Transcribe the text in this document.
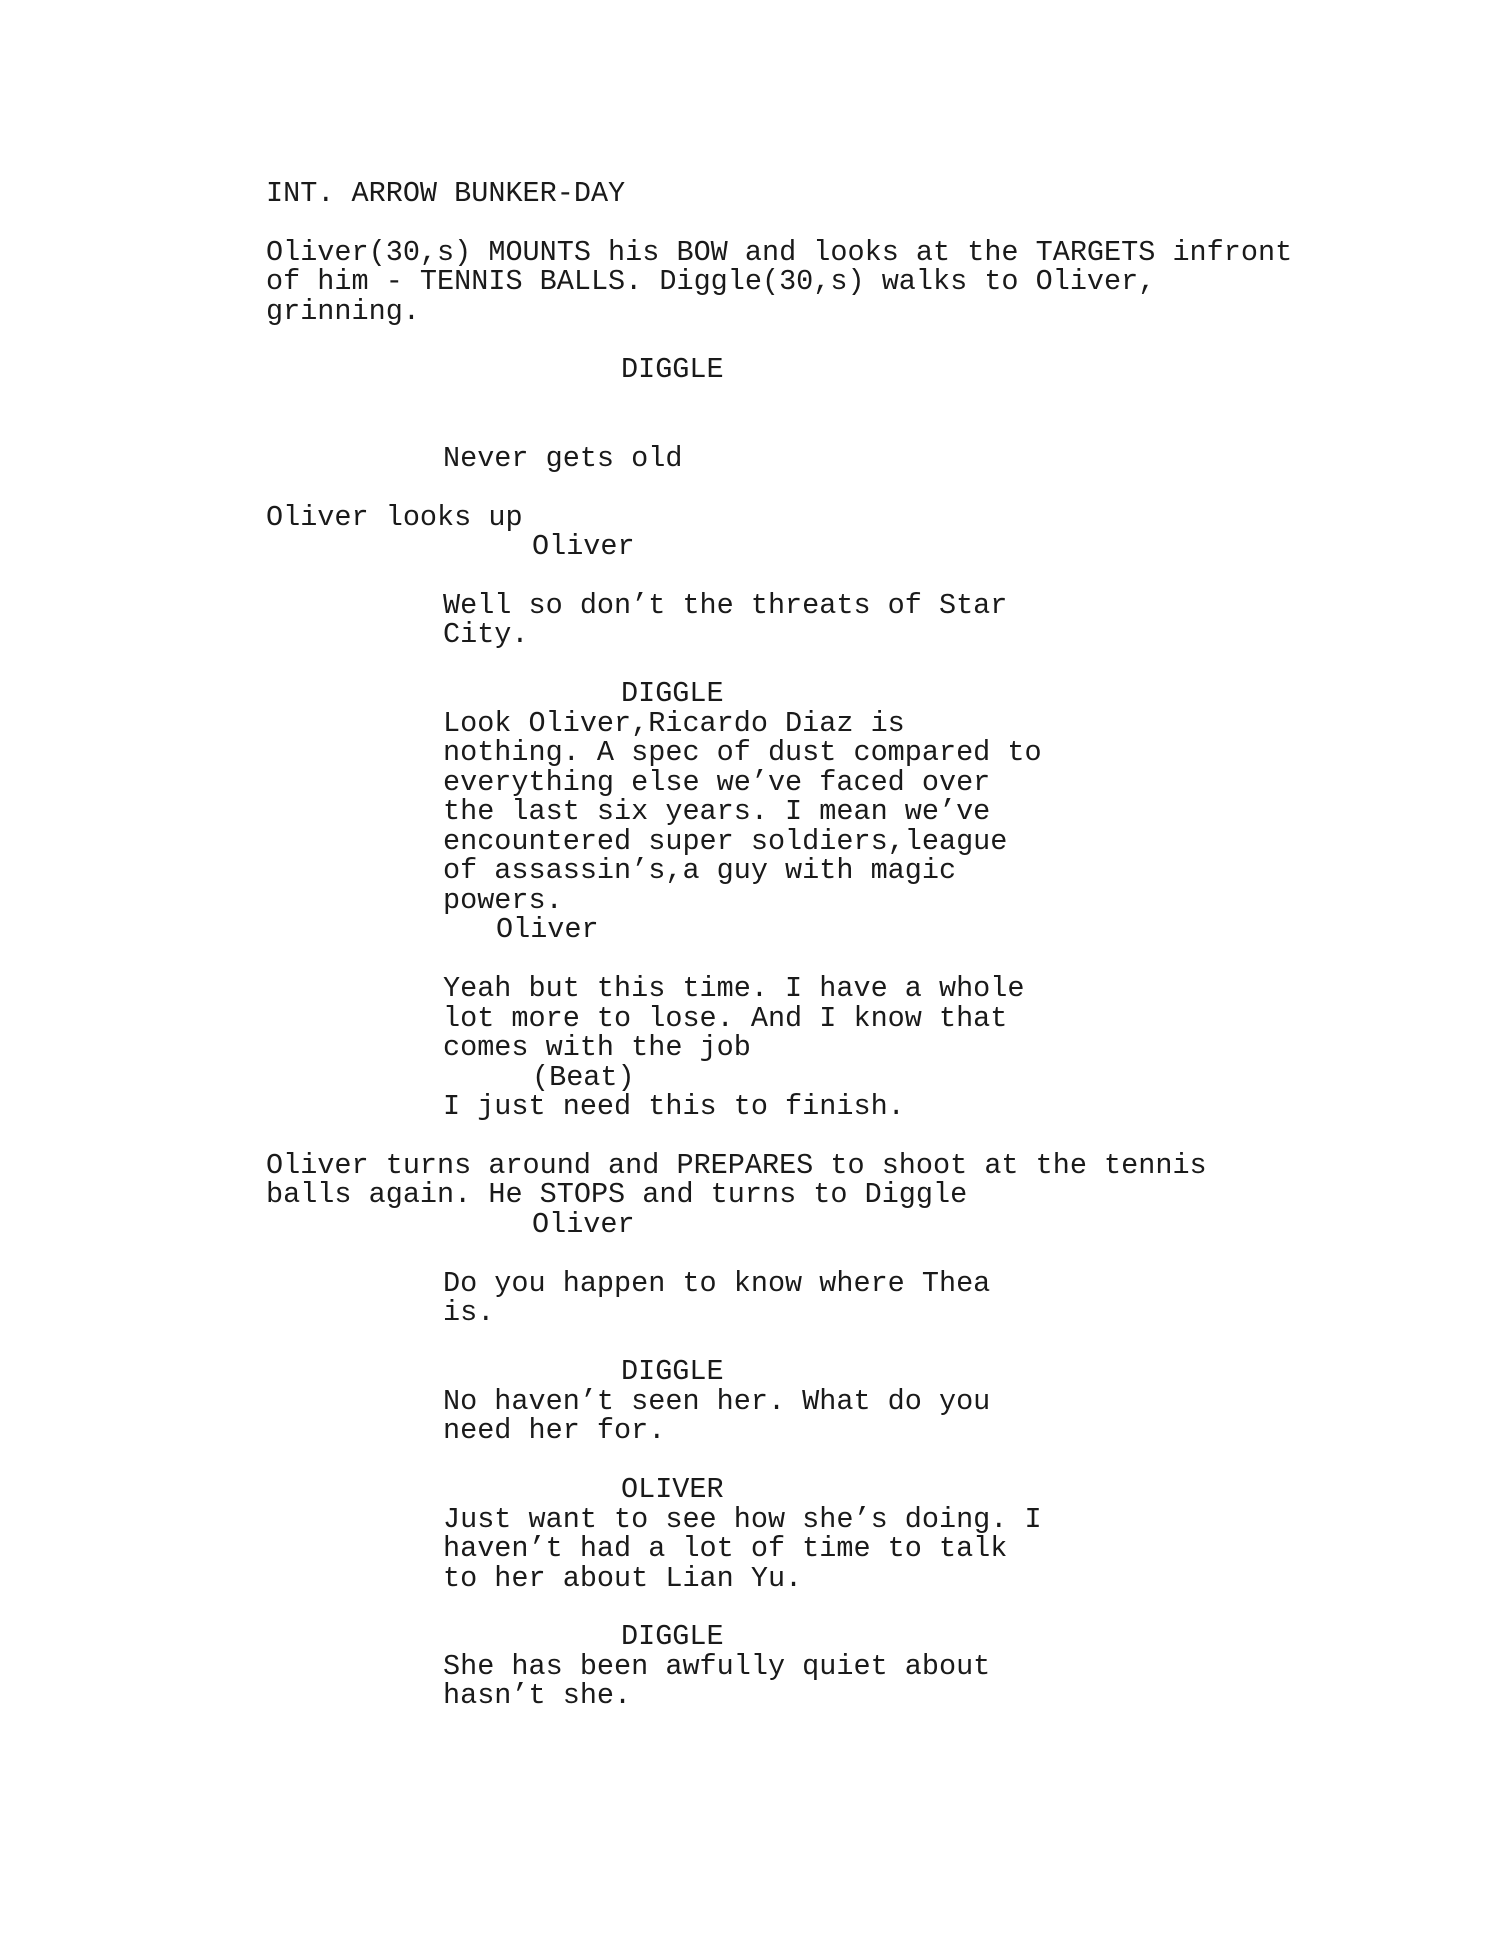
INT. ARROW BUNKER-DAY

Oliver(30,s) MOUNTS his BOW and looks at the TARGETS infront

of him - TENNIS BALLS. Diggle(30,s) walks to Oliver,

grinning.

DIGGLE

Never gets old

Oliver looks up

Oliver

Well so don’t the threats of Star

City.

DIGGLE

Look Oliver,Ricardo Diaz is

nothing. A spec of dust compared to

everything else we’ve faced over

the last six years. I mean we’ve

encountered super soldiers,league

of assassin’s,a guy with magic

powers.

Oliver

Yeah but this time. I have a whole

lot more to lose. And I know that

comes with the job

(Beat)

I just need this to finish.

Oliver turns around and PREPARES to shoot at the tennis

balls again. He STOPS and turns to Diggle

Oliver

Do you happen to know where Thea

is.

DIGGLE

No haven’t seen her. What do you

need her for.

OLIVER

Just want to see how she’s doing. I

haven’t had a lot of time to talk

to her about Lian Yu.

DIGGLE

She has been awfully quiet about

hasn’t she.
